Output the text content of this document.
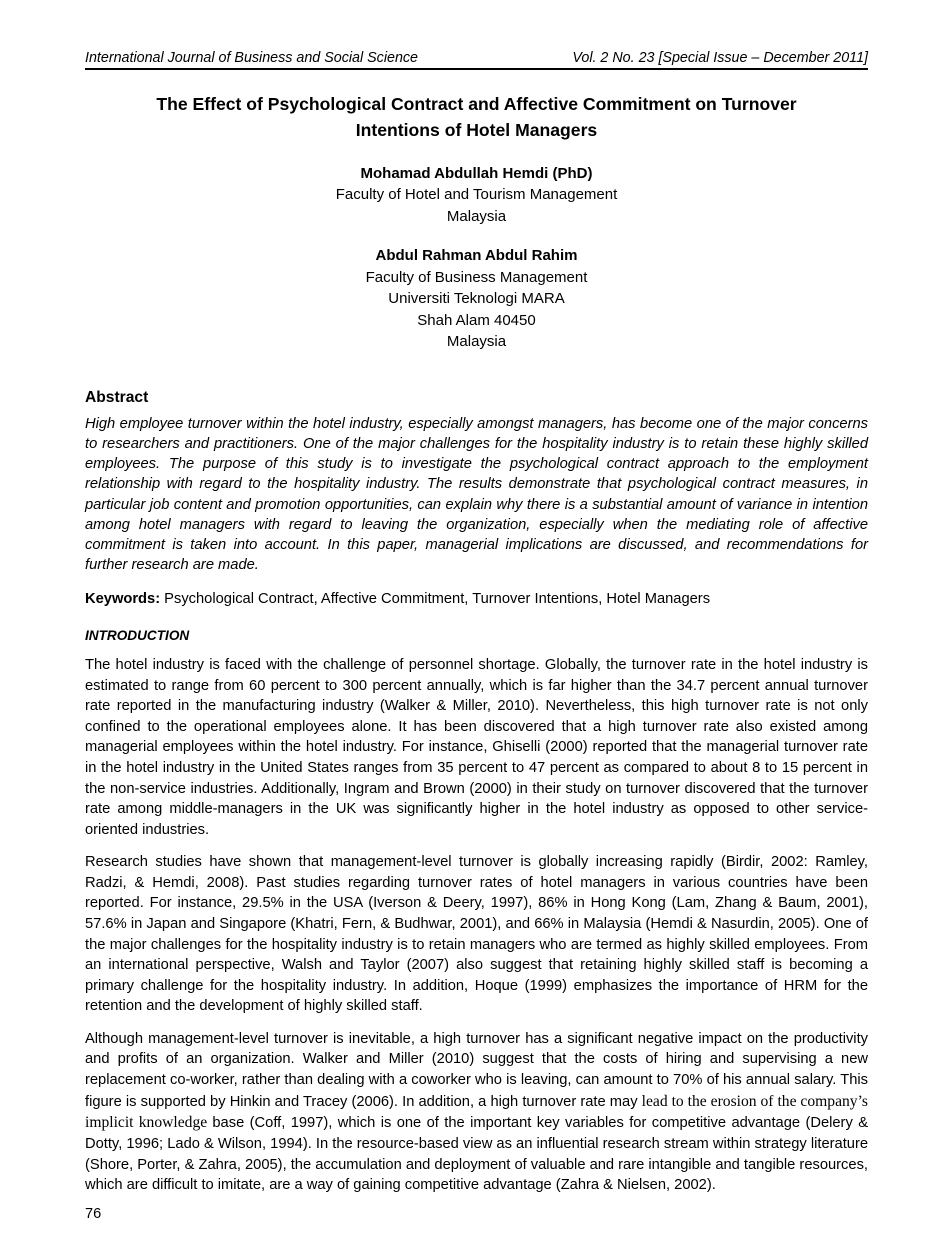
International Journal of Business and Social Science	Vol. 2 No. 23 [Special Issue – December 2011]
The Effect of Psychological Contract and Affective Commitment on Turnover Intentions of Hotel Managers
Mohamad Abdullah Hemdi (PhD)
Faculty of Hotel and Tourism Management
Malaysia
Abdul Rahman Abdul Rahim
Faculty of Business Management
Universiti Teknologi MARA
Shah Alam 40450
Malaysia
Abstract

High employee turnover within the hotel industry, especially amongst managers, has become one of the major concerns to researchers and practitioners. One of the major challenges for the hospitality industry is to retain these highly skilled employees. The purpose of this study is to investigate the psychological contract approach to the employment relationship with regard to the hospitality industry. The results demonstrate that psychological contract measures, in particular job content and promotion opportunities, can explain why there is a substantial amount of variance in intention among hotel managers with regard to leaving the organization, especially when the mediating role of affective commitment is taken into account. In this paper, managerial implications are discussed, and recommendations for further research are made.

Keywords: Psychological Contract, Affective Commitment, Turnover Intentions, Hotel Managers

INTRODUCTION

The hotel industry is faced with the challenge of personnel shortage. Globally, the turnover rate in the hotel industry is estimated to range from 60 percent to 300 percent annually, which is far higher than the 34.7 percent annual turnover rate reported in the manufacturing industry (Walker & Miller, 2010). Nevertheless, this high turnover rate is not only confined to the operational employees alone. It has been discovered that a high turnover rate also existed among managerial employees within the hotel industry. For instance, Ghiselli (2000) reported that the managerial turnover rate in the hotel industry in the United States ranges from 35 percent to 47 percent as compared to about 8 to 15 percent in the non-service industries. Additionally, Ingram and Brown (2000) in their study on turnover discovered that the turnover rate among middle-managers in the UK was significantly higher in the hotel industry as opposed to other service-oriented industries.

Research studies have shown that management-level turnover is globally increasing rapidly (Birdir, 2002: Ramley, Radzi, & Hemdi, 2008). Past studies regarding turnover rates of hotel managers in various countries have been reported. For instance, 29.5% in the USA (Iverson & Deery, 1997), 86% in Hong Kong (Lam, Zhang & Baum, 2001), 57.6% in Japan and Singapore (Khatri, Fern, & Budhwar, 2001), and 66% in Malaysia (Hemdi & Nasurdin, 2005). One of the major challenges for the hospitality industry is to retain managers who are termed as highly skilled employees. From an international perspective, Walsh and Taylor (2007) also suggest that retaining highly skilled staff is becoming a primary challenge for the hospitality industry. In addition, Hoque (1999) emphasizes the importance of HRM for the retention and the development of highly skilled staff.

Although management-level turnover is inevitable, a high turnover has a significant negative impact on the productivity and profits of an organization. Walker and Miller (2010) suggest that the costs of hiring and supervising a new replacement co-worker, rather than dealing with a coworker who is leaving, can amount to 70% of his annual salary. This figure is supported by Hinkin and Tracey (2006). In addition, a high turnover rate may lead to the erosion of the company’s implicit knowledge base (Coff, 1997), which is one of the important key variables for competitive advantage (Delery & Dotty, 1996; Lado & Wilson, 1994). In the resource-based view as an influential research stream within strategy literature (Shore, Porter, & Zahra, 2005), the accumulation and deployment of valuable and rare intangible and tangible resources, which are difficult to imitate, are a way of gaining competitive advantage (Zahra & Nielsen, 2002).

76
